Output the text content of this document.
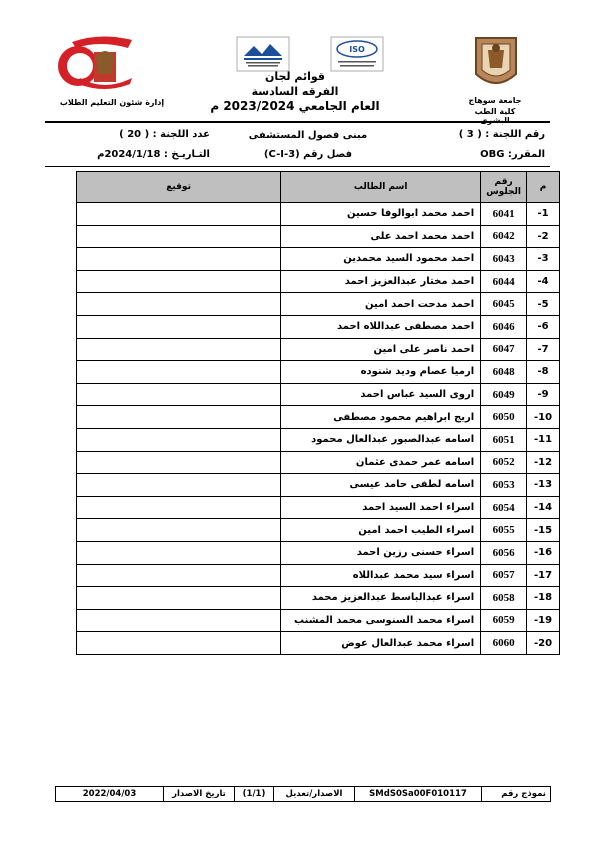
ISO
قوائم لجان
الفرقه السادسة
العام الجامعي 2023/2024 م	جامعة سوهاج
كلية الطب البشرى
إدارة شئون التعليم الطلاب
رقم اللجنة : ( 3 )
المقرر: OBG
مبنى فصول المستشفى
فصل رقم (C-I-3)
عدد اللجنة : ( 20 )
التـاريـخ : 2024/1/18م
م	رقم الجلوس	اسم الطالب	توقيع
-1	6041	احمد محمد ابوالوفا حسين	
-2	6042	احمد محمد احمد على	
-3	6043	احمد محمود السيد محمدين	
-4	6044	احمد مختار عبدالعزيز احمد	
-5	6045	احمد مدحت احمد امين	
-6	6046	احمد مصطفى عبداللاه احمد	
-7	6047	احمد ناصر على امين	
-8	6048	ارميا عصام وديد شنوده	
-9	6049	اروى السيد عباس احمد	
-10	6050	اريج ابراهيم محمود مصطفى	
-11	6051	اسامه عبدالصبور عبدالعال محمود	
-12	6052	اسامه عمر حمدى عثمان	
-13	6053	اسامه لطفى حامد عيسى	
-14	6054	اسراء احمد السيد احمد	
-15	6055	اسراء الطيب احمد امين	
-16	6056	اسراء حسنى رزين احمد	
-17	6057	اسراء سيد محمد عبداللاه	
-18	6058	اسراء عبدالباسط عبدالعزيز محمد	
-19	6059	اسراء محمد السنوسى محمد المشنب	
-20	6060	اسراء محمد عبدالعال عوض	
نموذج رقم
SMdS0Sa00F010117
الاصدار/تعديل
(1/1)
تاريخ الاصدار
2022/04/03
